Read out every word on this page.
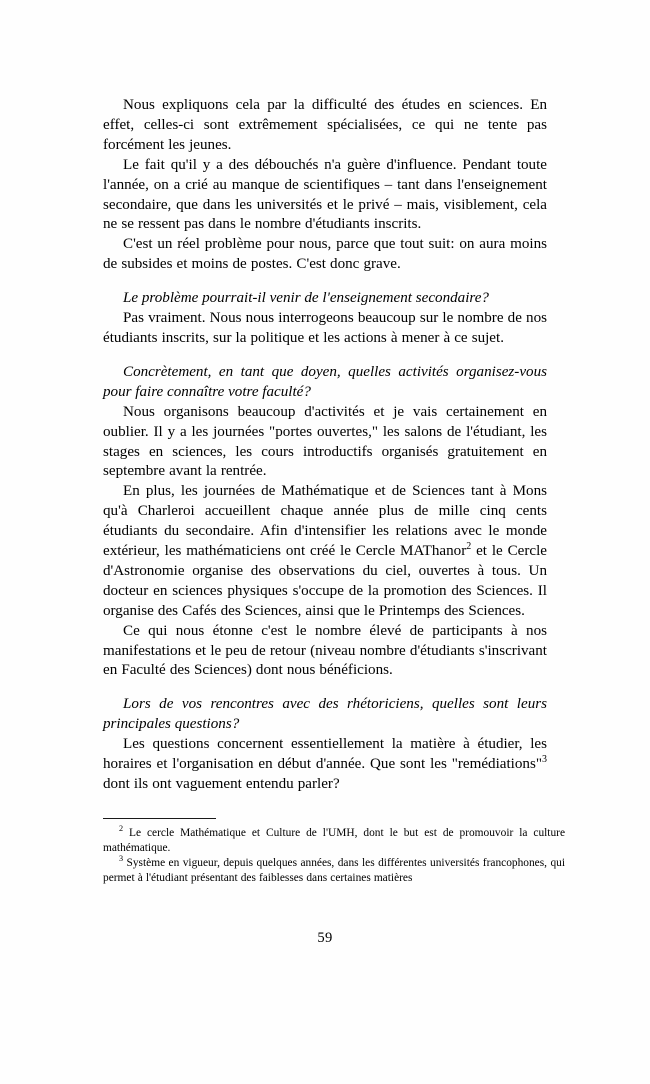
Nous expliquons cela par la difficulté des études en sciences. En effet, celles-ci sont extrêmement spécialisées, ce qui ne tente pas forcément les jeunes.

Le fait qu'il y a des débouchés n'a guère d'influence. Pendant toute l'année, on a crié au manque de scientifiques – tant dans l'enseignement secondaire, que dans les universités et le privé – mais, visiblement, cela ne se ressent pas dans le nombre d'étudiants inscrits.

C'est un réel problème pour nous, parce que tout suit: on aura moins de subsides et moins de postes. C'est donc grave.

Le problème pourrait-il venir de l'enseignement secondaire?

Pas vraiment. Nous nous interrogeons beaucoup sur le nombre de nos étudiants inscrits, sur la politique et les actions à mener à ce sujet.

Concrètement, en tant que doyen, quelles activités organisez-vous pour faire connaître votre faculté?

Nous organisons beaucoup d'activités et je vais certainement en oublier. Il y a les journées "portes ouvertes," les salons de l'étudiant, les stages en sciences, les cours introductifs organisés gratuitement en septembre avant la rentrée.

En plus, les journées de Mathématique et de Sciences tant à Mons qu'à Charleroi accueillent chaque année plus de mille cinq cents étudiants du secondaire. Afin d'intensifier les relations avec le monde extérieur, les mathématiciens ont créé le Cercle MAThanor$^2$ et le Cercle d'Astronomie organise des observations du ciel, ouvertes à tous. Un docteur en sciences physiques s'occupe de la promotion des Sciences. Il organise des Cafés des Sciences, ainsi que le Printemps des Sciences.

Ce qui nous étonne c'est le nombre élevé de participants à nos manifestations et le peu de retour (niveau nombre d'étudiants s'inscrivant en Faculté des Sciences) dont nous bénéficions.

Lors de vos rencontres avec des rhétoriciens, quelles sont leurs principales questions?

Les questions concernent essentiellement la matière à étudier, les horaires et l'organisation en début d'année. Que sont les "remédiations"$^3$ dont ils ont vaguement entendu parler?

$^2$ Le cercle Mathématique et Culture de l'UMH, dont le but est de promouvoir la culture mathématique.

$^3$ Système en vigueur, depuis quelques années, dans les différentes universités francophones, qui permet à l'étudiant présentant des faiblesses dans certaines matières

59
